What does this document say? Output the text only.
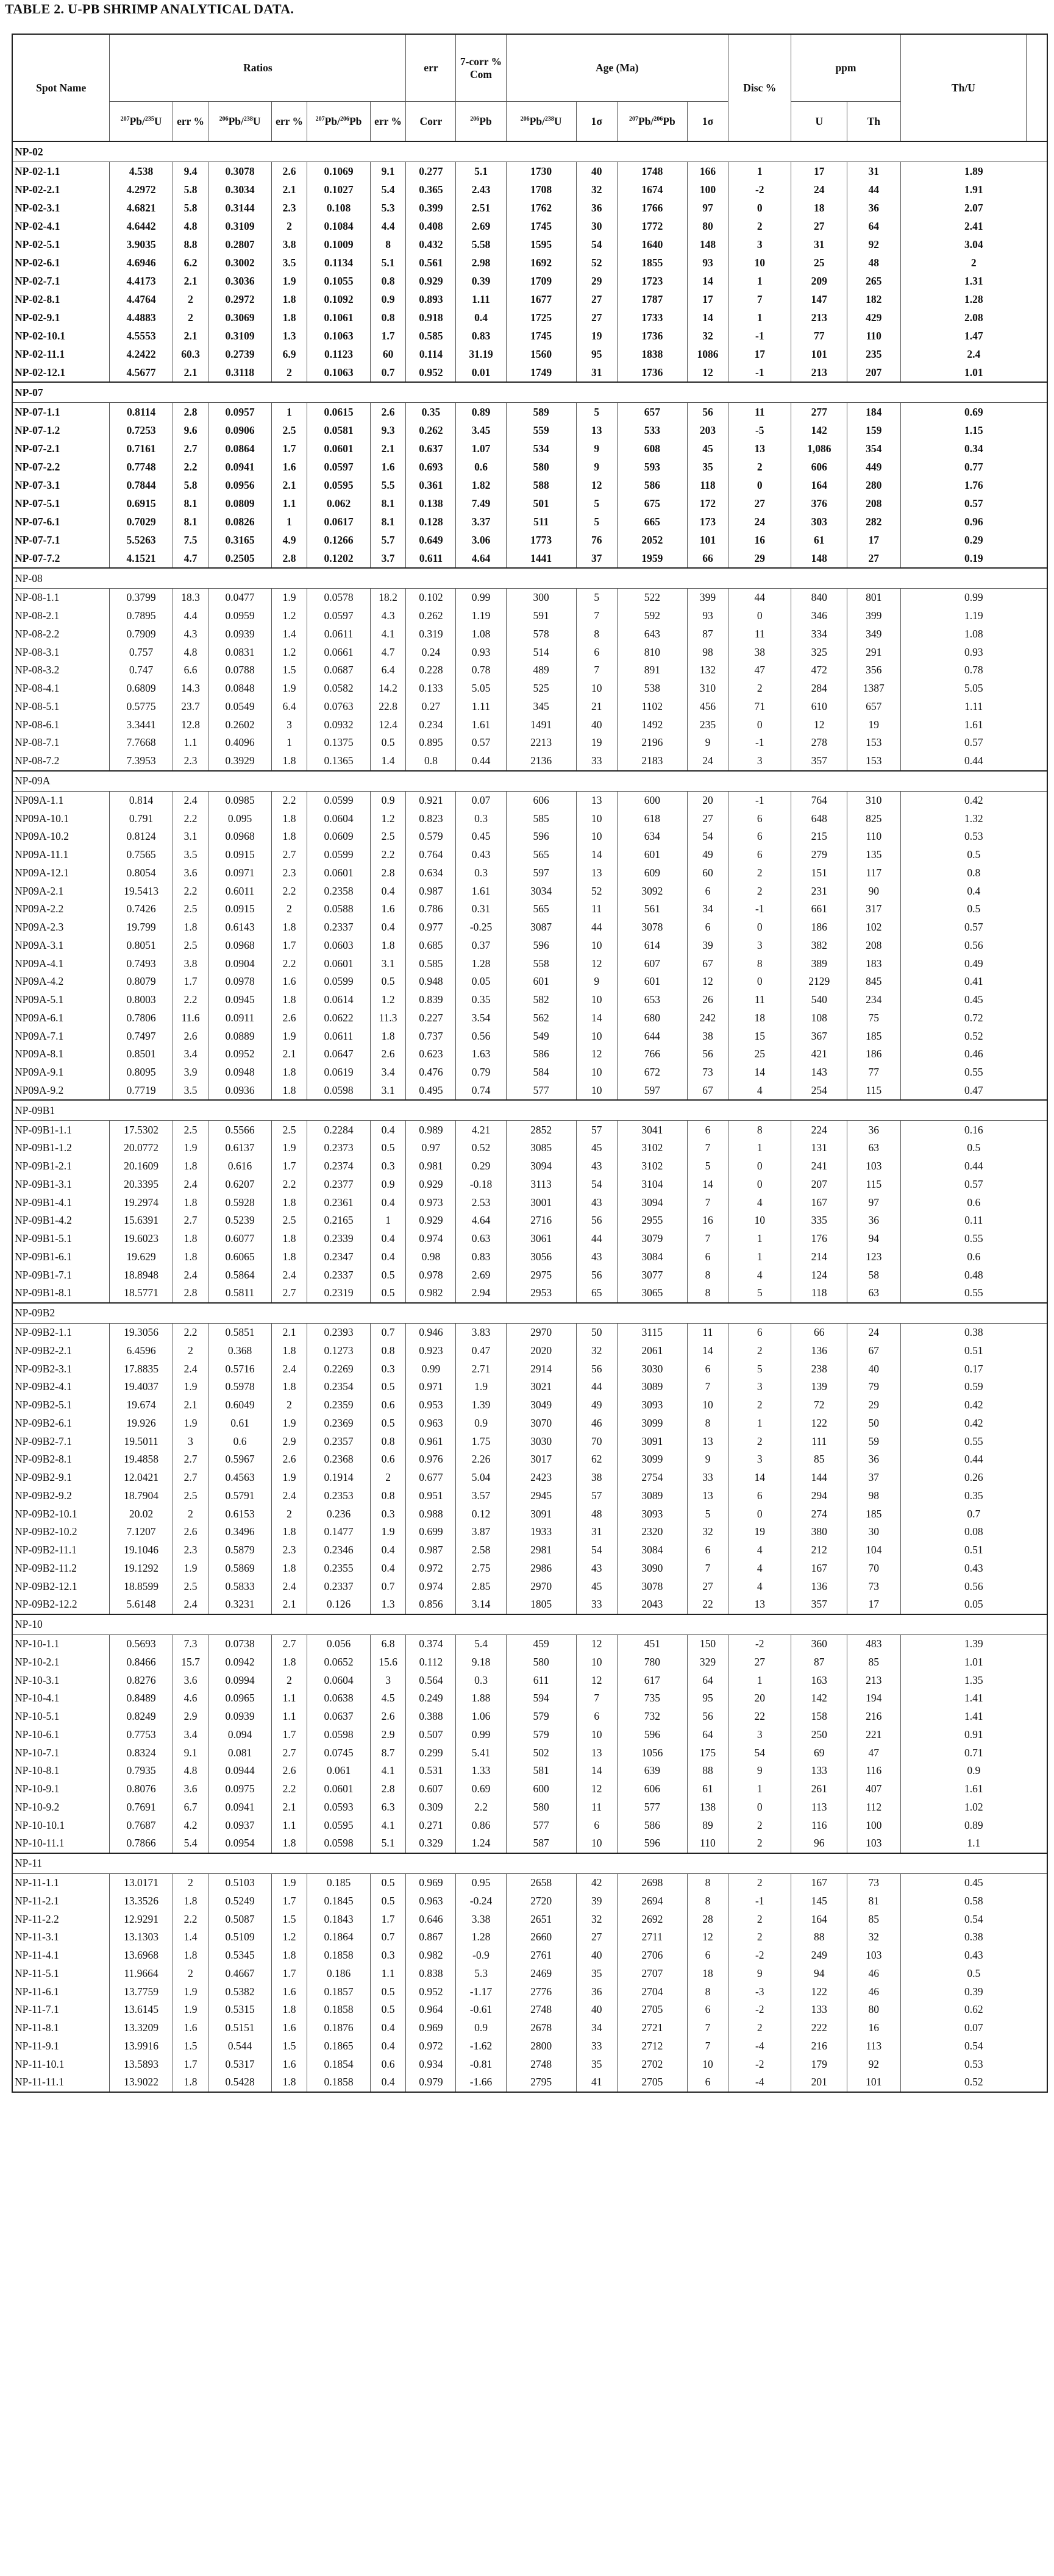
TABLE 2. U-PB SHRIMP ANALYTICAL DATA.
Spot Name	Ratios						err	7-corr % Com	Age (Ma)				Disc %	ppm		Th/U
	$^{207}$Pb/$^{235}$U	err %	$^{206}$Pb/$^{238}$U	err %	$^{207}$Pb/$^{206}$Pb	err %	Corr	$^{206}$Pb	$^{206}$Pb/$^{238}$U	1σ	$^{207}$Pb/$^{206}$Pb	1σ		U	Th	
NP-02																
NP-02-1.1	4.538	9.4	0.3078	2.6	0.1069	9.1	0.277	5.1	1730	40	1748	166	1	17	31	1.89
NP-02-2.1	4.2972	5.8	0.3034	2.1	0.1027	5.4	0.365	2.43	1708	32	1674	100	-2	24	44	1.91
NP-02-3.1	4.6821	5.8	0.3144	2.3	0.108	5.3	0.399	2.51	1762	36	1766	97	0	18	36	2.07
NP-02-4.1	4.6442	4.8	0.3109	2	0.1084	4.4	0.408	2.69	1745	30	1772	80	2	27	64	2.41
NP-02-5.1	3.9035	8.8	0.2807	3.8	0.1009	8	0.432	5.58	1595	54	1640	148	3	31	92	3.04
NP-02-6.1	4.6946	6.2	0.3002	3.5	0.1134	5.1	0.561	2.98	1692	52	1855	93	10	25	48	2
NP-02-7.1	4.4173	2.1	0.3036	1.9	0.1055	0.8	0.929	0.39	1709	29	1723	14	1	209	265	1.31
NP-02-8.1	4.4764	2	0.2972	1.8	0.1092	0.9	0.893	1.11	1677	27	1787	17	7	147	182	1.28
NP-02-9.1	4.4883	2	0.3069	1.8	0.1061	0.8	0.918	0.4	1725	27	1733	14	1	213	429	2.08
NP-02-10.1	4.5553	2.1	0.3109	1.3	0.1063	1.7	0.585	0.83	1745	19	1736	32	-1	77	110	1.47
NP-02-11.1	4.2422	60.3	0.2739	6.9	0.1123	60	0.114	31.19	1560	95	1838	1086	17	101	235	2.4
NP-02-12.1	4.5677	2.1	0.3118	2	0.1063	0.7	0.952	0.01	1749	31	1736	12	-1	213	207	1.01
NP-07																
NP-07-1.1	0.8114	2.8	0.0957	1	0.0615	2.6	0.35	0.89	589	5	657	56	11	277	184	0.69
NP-07-1.2	0.7253	9.6	0.0906	2.5	0.0581	9.3	0.262	3.45	559	13	533	203	-5	142	159	1.15
NP-07-2.1	0.7161	2.7	0.0864	1.7	0.0601	2.1	0.637	1.07	534	9	608	45	13	1,086	354	0.34
NP-07-2.2	0.7748	2.2	0.0941	1.6	0.0597	1.6	0.693	0.6	580	9	593	35	2	606	449	0.77
NP-07-3.1	0.7844	5.8	0.0956	2.1	0.0595	5.5	0.361	1.82	588	12	586	118	0	164	280	1.76
NP-07-5.1	0.6915	8.1	0.0809	1.1	0.062	8.1	0.138	7.49	501	5	675	172	27	376	208	0.57
NP-07-6.1	0.7029	8.1	0.0826	1	0.0617	8.1	0.128	3.37	511	5	665	173	24	303	282	0.96
NP-07-7.1	5.5263	7.5	0.3165	4.9	0.1266	5.7	0.649	3.06	1773	76	2052	101	16	61	17	0.29
NP-07-7.2	4.1521	4.7	0.2505	2.8	0.1202	3.7	0.611	4.64	1441	37	1959	66	29	148	27	0.19
NP-08																
NP-08-1.1	0.3799	18.3	0.0477	1.9	0.0578	18.2	0.102	0.99	300	5	522	399	44	840	801	0.99
NP-08-2.1	0.7895	4.4	0.0959	1.2	0.0597	4.3	0.262	1.19	591	7	592	93	0	346	399	1.19
NP-08-2.2	0.7909	4.3	0.0939	1.4	0.0611	4.1	0.319	1.08	578	8	643	87	11	334	349	1.08
NP-08-3.1	0.757	4.8	0.0831	1.2	0.0661	4.7	0.24	0.93	514	6	810	98	38	325	291	0.93
NP-08-3.2	0.747	6.6	0.0788	1.5	0.0687	6.4	0.228	0.78	489	7	891	132	47	472	356	0.78
NP-08-4.1	0.6809	14.3	0.0848	1.9	0.0582	14.2	0.133	5.05	525	10	538	310	2	284	1387	5.05
NP-08-5.1	0.5775	23.7	0.0549	6.4	0.0763	22.8	0.27	1.11	345	21	1102	456	71	610	657	1.11
NP-08-6.1	3.3441	12.8	0.2602	3	0.0932	12.4	0.234	1.61	1491	40	1492	235	0	12	19	1.61
NP-08-7.1	7.7668	1.1	0.4096	1	0.1375	0.5	0.895	0.57	2213	19	2196	9	-1	278	153	0.57
NP-08-7.2	7.3953	2.3	0.3929	1.8	0.1365	1.4	0.8	0.44	2136	33	2183	24	3	357	153	0.44
NP-09A																
NP09A-1.1	0.814	2.4	0.0985	2.2	0.0599	0.9	0.921	0.07	606	13	600	20	-1	764	310	0.42
NP09A-10.1	0.791	2.2	0.095	1.8	0.0604	1.2	0.823	0.3	585	10	618	27	6	648	825	1.32
NP09A-10.2	0.8124	3.1	0.0968	1.8	0.0609	2.5	0.579	0.45	596	10	634	54	6	215	110	0.53
NP09A-11.1	0.7565	3.5	0.0915	2.7	0.0599	2.2	0.764	0.43	565	14	601	49	6	279	135	0.5
NP09A-12.1	0.8054	3.6	0.0971	2.3	0.0601	2.8	0.634	0.3	597	13	609	60	2	151	117	0.8
NP09A-2.1	19.5413	2.2	0.6011	2.2	0.2358	0.4	0.987	1.61	3034	52	3092	6	2	231	90	0.4
NP09A-2.2	0.7426	2.5	0.0915	2	0.0588	1.6	0.786	0.31	565	11	561	34	-1	661	317	0.5
NP09A-2.3	19.799	1.8	0.6143	1.8	0.2337	0.4	0.977	-0.25	3087	44	3078	6	0	186	102	0.57
NP09A-3.1	0.8051	2.5	0.0968	1.7	0.0603	1.8	0.685	0.37	596	10	614	39	3	382	208	0.56
NP09A-4.1	0.7493	3.8	0.0904	2.2	0.0601	3.1	0.585	1.28	558	12	607	67	8	389	183	0.49
NP09A-4.2	0.8079	1.7	0.0978	1.6	0.0599	0.5	0.948	0.05	601	9	601	12	0	2129	845	0.41
NP09A-5.1	0.8003	2.2	0.0945	1.8	0.0614	1.2	0.839	0.35	582	10	653	26	11	540	234	0.45
NP09A-6.1	0.7806	11.6	0.0911	2.6	0.0622	11.3	0.227	3.54	562	14	680	242	18	108	75	0.72
NP09A-7.1	0.7497	2.6	0.0889	1.9	0.0611	1.8	0.737	0.56	549	10	644	38	15	367	185	0.52
NP09A-8.1	0.8501	3.4	0.0952	2.1	0.0647	2.6	0.623	1.63	586	12	766	56	25	421	186	0.46
NP09A-9.1	0.8095	3.9	0.0948	1.8	0.0619	3.4	0.476	0.79	584	10	672	73	14	143	77	0.55
NP09A-9.2	0.7719	3.5	0.0936	1.8	0.0598	3.1	0.495	0.74	577	10	597	67	4	254	115	0.47
NP-09B1																
NP-09B1-1.1	17.5302	2.5	0.5566	2.5	0.2284	0.4	0.989	4.21	2852	57	3041	6	8	224	36	0.16
NP-09B1-1.2	20.0772	1.9	0.6137	1.9	0.2373	0.5	0.97	0.52	3085	45	3102	7	1	131	63	0.5
NP-09B1-2.1	20.1609	1.8	0.616	1.7	0.2374	0.3	0.981	0.29	3094	43	3102	5	0	241	103	0.44
NP-09B1-3.1	20.3395	2.4	0.6207	2.2	0.2377	0.9	0.929	-0.18	3113	54	3104	14	0	207	115	0.57
NP-09B1-4.1	19.2974	1.8	0.5928	1.8	0.2361	0.4	0.973	2.53	3001	43	3094	7	4	167	97	0.6
NP-09B1-4.2	15.6391	2.7	0.5239	2.5	0.2165	1	0.929	4.64	2716	56	2955	16	10	335	36	0.11
NP-09B1-5.1	19.6023	1.8	0.6077	1.8	0.2339	0.4	0.974	0.63	3061	44	3079	7	1	176	94	0.55
NP-09B1-6.1	19.629	1.8	0.6065	1.8	0.2347	0.4	0.98	0.83	3056	43	3084	6	1	214	123	0.6
NP-09B1-7.1	18.8948	2.4	0.5864	2.4	0.2337	0.5	0.978	2.69	2975	56	3077	8	4	124	58	0.48
NP-09B1-8.1	18.5771	2.8	0.5811	2.7	0.2319	0.5	0.982	2.94	2953	65	3065	8	5	118	63	0.55
NP-09B2																
NP-09B2-1.1	19.3056	2.2	0.5851	2.1	0.2393	0.7	0.946	3.83	2970	50	3115	11	6	66	24	0.38
NP-09B2-2.1	6.4596	2	0.368	1.8	0.1273	0.8	0.923	0.47	2020	32	2061	14	2	136	67	0.51
NP-09B2-3.1	17.8835	2.4	0.5716	2.4	0.2269	0.3	0.99	2.71	2914	56	3030	6	5	238	40	0.17
NP-09B2-4.1	19.4037	1.9	0.5978	1.8	0.2354	0.5	0.971	1.9	3021	44	3089	7	3	139	79	0.59
NP-09B2-5.1	19.674	2.1	0.6049	2	0.2359	0.6	0.953	1.39	3049	49	3093	10	2	72	29	0.42
NP-09B2-6.1	19.926	1.9	0.61	1.9	0.2369	0.5	0.963	0.9	3070	46	3099	8	1	122	50	0.42
NP-09B2-7.1	19.5011	3	0.6	2.9	0.2357	0.8	0.961	1.75	3030	70	3091	13	2	111	59	0.55
NP-09B2-8.1	19.4858	2.7	0.5967	2.6	0.2368	0.6	0.976	2.26	3017	62	3099	9	3	85	36	0.44
NP-09B2-9.1	12.0421	2.7	0.4563	1.9	0.1914	2	0.677	5.04	2423	38	2754	33	14	144	37	0.26
NP-09B2-9.2	18.7904	2.5	0.5791	2.4	0.2353	0.8	0.951	3.57	2945	57	3089	13	6	294	98	0.35
NP-09B2-10.1	20.02	2	0.6153	2	0.236	0.3	0.988	0.12	3091	48	3093	5	0	274	185	0.7
NP-09B2-10.2	7.1207	2.6	0.3496	1.8	0.1477	1.9	0.699	3.87	1933	31	2320	32	19	380	30	0.08
NP-09B2-11.1	19.1046	2.3	0.5879	2.3	0.2346	0.4	0.987	2.58	2981	54	3084	6	4	212	104	0.51
NP-09B2-11.2	19.1292	1.9	0.5869	1.8	0.2355	0.4	0.972	2.75	2986	43	3090	7	4	167	70	0.43
NP-09B2-12.1	18.8599	2.5	0.5833	2.4	0.2337	0.7	0.974	2.85	2970	45	3078	27	4	136	73	0.56
NP-09B2-12.2	5.6148	2.4	0.3231	2.1	0.126	1.3	0.856	3.14	1805	33	2043	22	13	357	17	0.05
NP-10																
NP-10-1.1	0.5693	7.3	0.0738	2.7	0.056	6.8	0.374	5.4	459	12	451	150	-2	360	483	1.39
NP-10-2.1	0.8466	15.7	0.0942	1.8	0.0652	15.6	0.112	9.18	580	10	780	329	27	87	85	1.01
NP-10-3.1	0.8276	3.6	0.0994	2	0.0604	3	0.564	0.3	611	12	617	64	1	163	213	1.35
NP-10-4.1	0.8489	4.6	0.0965	1.1	0.0638	4.5	0.249	1.88	594	7	735	95	20	142	194	1.41
NP-10-5.1	0.8249	2.9	0.0939	1.1	0.0637	2.6	0.388	1.06	579	6	732	56	22	158	216	1.41
NP-10-6.1	0.7753	3.4	0.094	1.7	0.0598	2.9	0.507	0.99	579	10	596	64	3	250	221	0.91
NP-10-7.1	0.8324	9.1	0.081	2.7	0.0745	8.7	0.299	5.41	502	13	1056	175	54	69	47	0.71
NP-10-8.1	0.7935	4.8	0.0944	2.6	0.061	4.1	0.531	1.33	581	14	639	88	9	133	116	0.9
NP-10-9.1	0.8076	3.6	0.0975	2.2	0.0601	2.8	0.607	0.69	600	12	606	61	1	261	407	1.61
NP-10-9.2	0.7691	6.7	0.0941	2.1	0.0593	6.3	0.309	2.2	580	11	577	138	0	113	112	1.02
NP-10-10.1	0.7687	4.2	0.0937	1.1	0.0595	4.1	0.271	0.86	577	6	586	89	2	116	100	0.89
NP-10-11.1	0.7866	5.4	0.0954	1.8	0.0598	5.1	0.329	1.24	587	10	596	110	2	96	103	1.1
NP-11																
NP-11-1.1	13.0171	2	0.5103	1.9	0.185	0.5	0.969	0.95	2658	42	2698	8	2	167	73	0.45
NP-11-2.1	13.3526	1.8	0.5249	1.7	0.1845	0.5	0.963	-0.24	2720	39	2694	8	-1	145	81	0.58
NP-11-2.2	12.9291	2.2	0.5087	1.5	0.1843	1.7	0.646	3.38	2651	32	2692	28	2	164	85	0.54
NP-11-3.1	13.1303	1.4	0.5109	1.2	0.1864	0.7	0.867	1.28	2660	27	2711	12	2	88	32	0.38
NP-11-4.1	13.6968	1.8	0.5345	1.8	0.1858	0.3	0.982	-0.9	2761	40	2706	6	-2	249	103	0.43
NP-11-5.1	11.9664	2	0.4667	1.7	0.186	1.1	0.838	5.3	2469	35	2707	18	9	94	46	0.5
NP-11-6.1	13.7759	1.9	0.5382	1.6	0.1857	0.5	0.952	-1.17	2776	36	2704	8	-3	122	46	0.39
NP-11-7.1	13.6145	1.9	0.5315	1.8	0.1858	0.5	0.964	-0.61	2748	40	2705	6	-2	133	80	0.62
NP-11-8.1	13.3209	1.6	0.5151	1.6	0.1876	0.4	0.969	0.9	2678	34	2721	7	2	222	16	0.07
NP-11-9.1	13.9916	1.5	0.544	1.5	0.1865	0.4	0.972	-1.62	2800	33	2712	7	-4	216	113	0.54
NP-11-10.1	13.5893	1.7	0.5317	1.6	0.1854	0.6	0.934	-0.81	2748	35	2702	10	-2	179	92	0.53
NP-11-11.1	13.9022	1.8	0.5428	1.8	0.1858	0.4	0.979	-1.66	2795	41	2705	6	-4	201	101	0.52
